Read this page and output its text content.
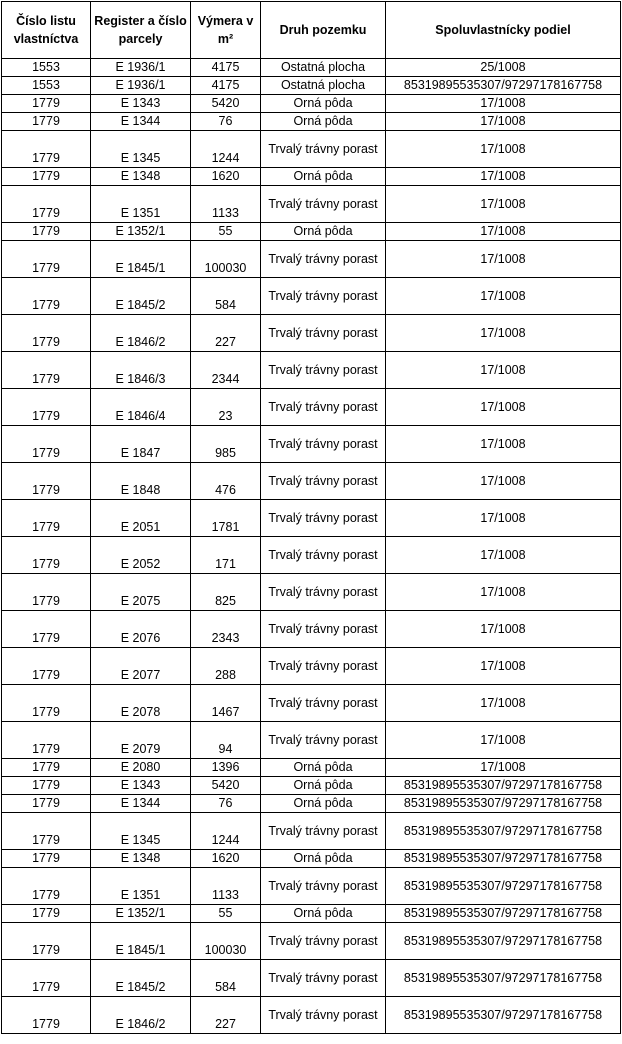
Číslo listu vlastníctva	Register a číslo parcely	Výmera v m²	Druh pozemku	Spoluvlastnícky podiel
1553	E 1936/1	4175	Ostatná plocha	25/1008
1553	E 1936/1	4175	Ostatná plocha	85319895535307/97297178167758
1779	E 1343	5420	Orná pôda	17/1008
1779	E 1344	76	Orná pôda	17/1008
1779	E 1345	1244	Trvalý trávny porast	17/1008
1779	E 1348	1620	Orná pôda	17/1008
1779	E 1351	1133	Trvalý trávny porast	17/1008
1779	E 1352/1	55	Orná pôda	17/1008
1779	E 1845/1	100030	Trvalý trávny porast	17/1008
1779	E 1845/2	584	Trvalý trávny porast	17/1008
1779	E 1846/2	227	Trvalý trávny porast	17/1008
1779	E 1846/3	2344	Trvalý trávny porast	17/1008
1779	E 1846/4	23	Trvalý trávny porast	17/1008
1779	E 1847	985	Trvalý trávny porast	17/1008
1779	E 1848	476	Trvalý trávny porast	17/1008
1779	E 2051	1781	Trvalý trávny porast	17/1008
1779	E 2052	171	Trvalý trávny porast	17/1008
1779	E 2075	825	Trvalý trávny porast	17/1008
1779	E 2076	2343	Trvalý trávny porast	17/1008
1779	E 2077	288	Trvalý trávny porast	17/1008
1779	E 2078	1467	Trvalý trávny porast	17/1008
1779	E 2079	94	Trvalý trávny porast	17/1008
1779	E 2080	1396	Orná pôda	17/1008
1779	E 1343	5420	Orná pôda	85319895535307/97297178167758
1779	E 1344	76	Orná pôda	85319895535307/97297178167758
1779	E 1345	1244	Trvalý trávny porast	85319895535307/97297178167758
1779	E 1348	1620	Orná pôda	85319895535307/97297178167758
1779	E 1351	1133	Trvalý trávny porast	85319895535307/97297178167758
1779	E 1352/1	55	Orná pôda	85319895535307/97297178167758
1779	E 1845/1	100030	Trvalý trávny porast	85319895535307/97297178167758
1779	E 1845/2	584	Trvalý trávny porast	85319895535307/97297178167758
1779	E 1846/2	227	Trvalý trávny porast	85319895535307/97297178167758
